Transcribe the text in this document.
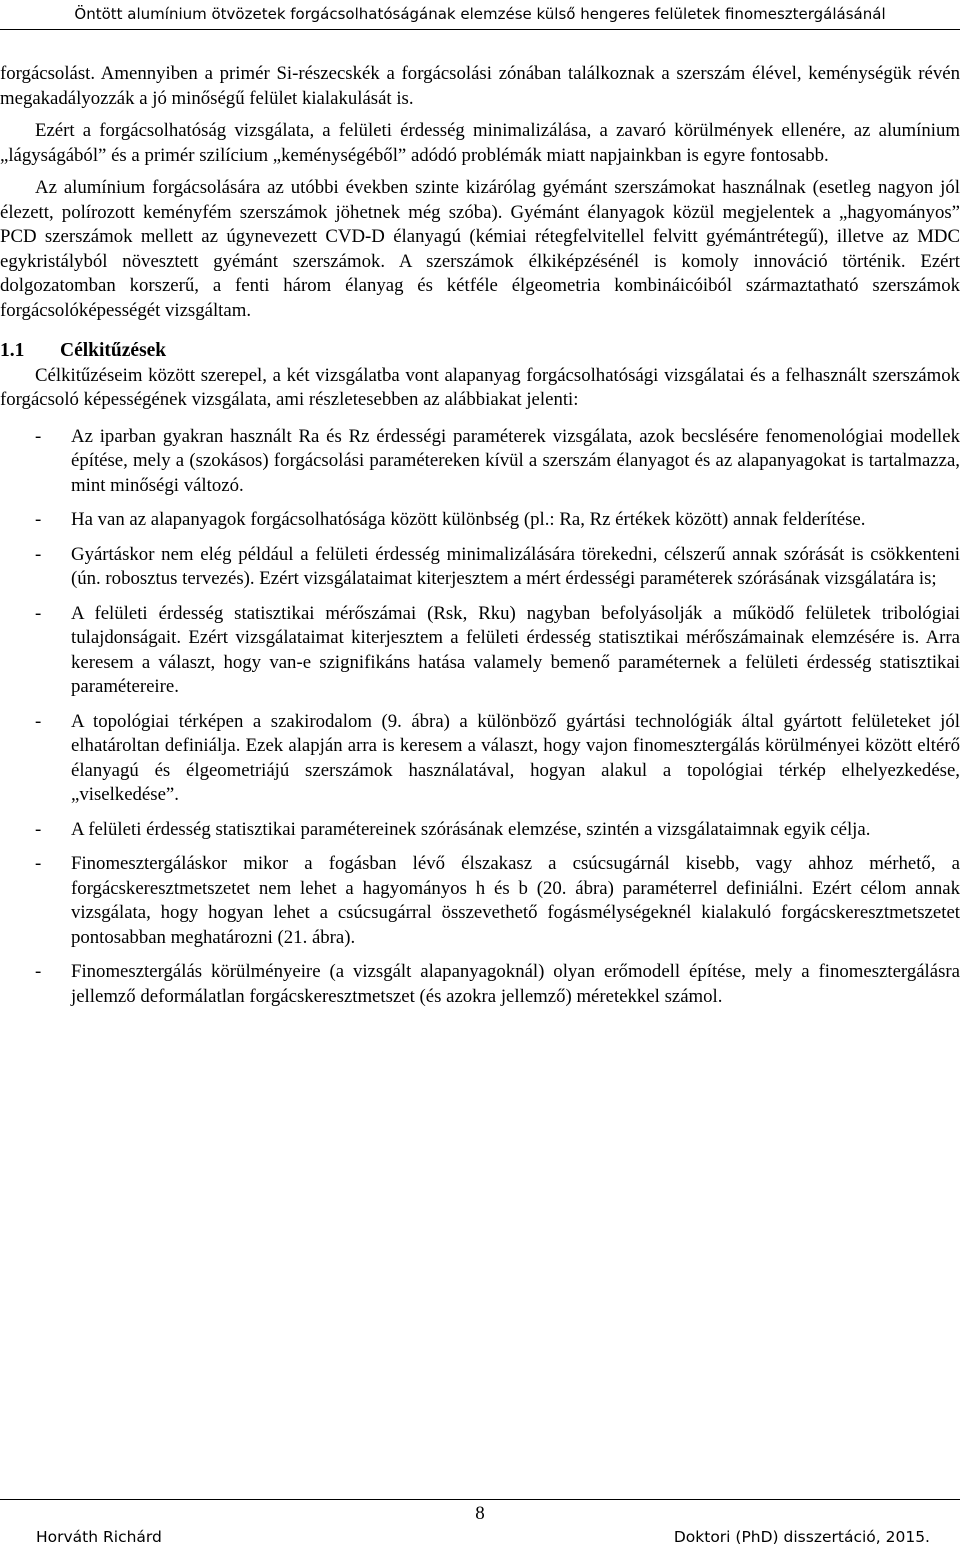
Öntött alumínium ötvözetek forgácsolhatóságának elemzése külső hengeres felületek finomesztergálásánál

forgácsolást. Amennyiben a primér Si-részecskék a forgácsolási zónában találkoznak a szerszám élével, keménységük révén megakadályozzák a jó minőségű felület kialakulását is.

Ezért a forgácsolhatóság vizsgálata, a felületi érdesség minimalizálása, a zavaró körülmények ellenére, az alumínium „lágyságából” és a primér szilícium „keménységéből” adódó problémák miatt napjainkban is egyre fontosabb.

Az alumínium forgácsolására az utóbbi években szinte kizárólag gyémánt szerszámokat használnak (esetleg nagyon jól élezett, polírozott keményfém szerszámok jöhetnek még szóba). Gyémánt élanyagok közül megjelentek a „hagyományos” PCD szerszámok mellett az úgynevezett CVD-D élanyagú (kémiai rétegfelvitellel felvitt gyémántrétegű), illetve az MDC egykristályból növesztett gyémánt szerszámok. A szerszámok élkiképzésénél is komoly innováció történik. Ezért dolgozatomban korszerű, a fenti három élanyag és kétféle élgeometria kombináicóiból származtatható szerszámok forgácsolóképességét vizsgáltam.

1.1 Célkitűzések

Célkitűzéseim között szerepel, a két vizsgálatba vont alapanyag forgácsolhatósági vizsgálatai és a felhasznált szerszámok forgácsoló képességének vizsgálata, ami részletesebben az alábbiakat jelenti:

- Az iparban gyakran használt Ra és Rz érdességi paraméterek vizsgálata, azok becslésére fenomenológiai modellek építése, mely a (szokásos) forgácsolási paramétereken kívül a szerszám élanyagot és az alapanyagokat is tartalmazza, mint minőségi változó.
- Ha van az alapanyagok forgácsolhatósága között különbség (pl.: Ra, Rz értékek között) annak felderítése.
- Gyártáskor nem elég például a felületi érdesség minimalizálására törekedni, célszerű annak szórását is csökkenteni (ún. robosztus tervezés). Ezért vizsgálataimat kiterjesztem a mért érdességi paraméterek szórásának vizsgálatára is;
- A felületi érdesség statisztikai mérőszámai (Rsk, Rku) nagyban befolyásolják a működő felületek tribológiai tulajdonságait. Ezért vizsgálataimat kiterjesztem a felületi érdesség statisztikai mérőszámainak elemzésére is. Arra keresem a választ, hogy van-e szignifikáns hatása valamely bemenő paraméternek a felületi érdesség statisztikai paramétereire.
- A topológiai térképen a szakirodalom (9. ábra) a különböző gyártási technológiák által gyártott felületeket jól elhatároltan definiálja. Ezek alapján arra is keresem a választ, hogy vajon finomesztergálás körülményei között eltérő élanyagú és élgeometriájú szerszámok használatával, hogyan alakul a topológiai térkép elhelyezkedése, „viselkedése”.
- A felületi érdesség statisztikai paramétereinek szórásának elemzése, szintén a vizsgálataimnak egyik célja.
- Finomesztergáláskor mikor a fogásban lévő élszakasz a csúcsugárnál kisebb, vagy ahhoz mérhető, a forgácskeresztmetszetet nem lehet a hagyományos h és b (20. ábra) paraméterrel definiálni. Ezért célom annak vizsgálata, hogy hogyan lehet a csúcsugárral összevethető fogásmélységeknél kialakuló forgácskeresztmetszetet pontosabban meghatározni (21. ábra).
- Finomesztergálás körülményeire (a vizsgált alapanyagoknál) olyan erőmodell építése, mely a finomesztergálásra jellemző deformálatlan forgácskeresztmetszet (és azokra jellemző) méretekkel számol.
8
Horváth Richárd	Doktori (PhD) disszertáció, 2015.
